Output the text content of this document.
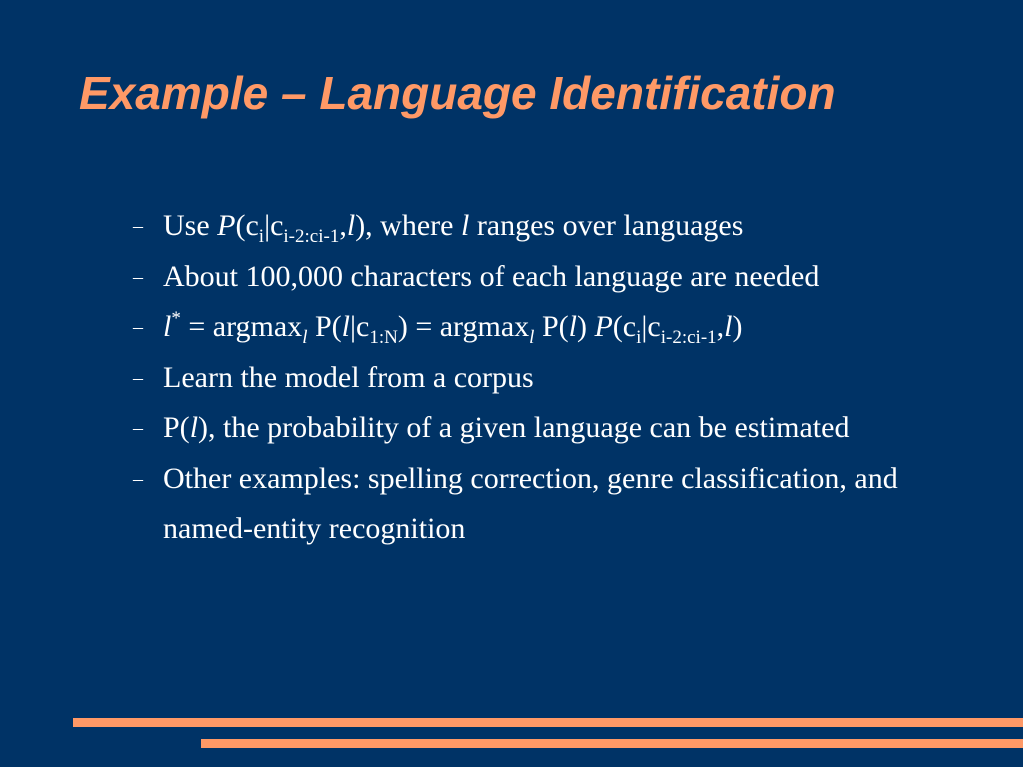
Example – Language Identification
– Use $P(c_i|c_{i-2:ci-1},l)$, where l ranges over languages
– About 100,000 characters of each language are needed
– l* = argmax$_l$ $P(l|c_{1:N}) = argmax_l$ P(l) $P(c_i|c_{i-2:ci-1},l)$
– Learn the model from a corpus
– P(l), the probability of a given language can be estimated
– Other examples: spelling correction, genre classification, and named-entity recognition
